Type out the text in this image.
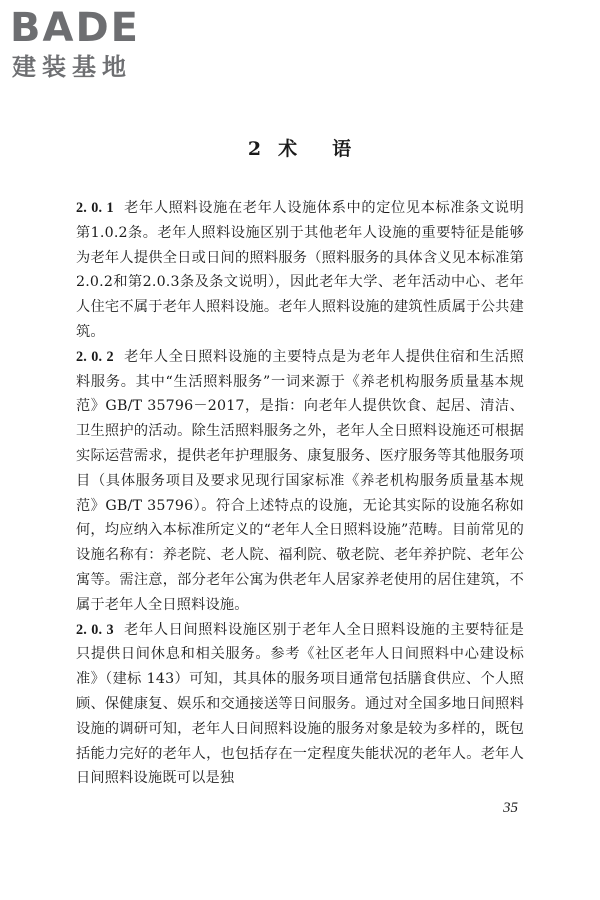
BADE
建装基地
2 术 语

2. 0. 1 老年人照料设施在老年人设施体系中的定位见本标准条文说明第1.0.2条。老年人照料设施区别于其他老年人设施的重要特征是能够为老年人提供全日或日间的照料服务（照料服务的具体含义见本标准第2.0.2和第2.0.3条及条文说明），因此老年大学、老年活动中心、老年人住宅不属于老年人照料设施。老年人照料设施的建筑性质属于公共建筑。

2. 0. 2 老年人全日照料设施的主要特点是为老年人提供住宿和生活照料服务。其中“生活照料服务”一词来源于《养老机构服务质量基本规范》GB/T 35796－2017，是指：向老年人提供饮食、起居、清洁、卫生照护的活动。除生活照料服务之外，老年人全日照料设施还可根据实际运营需求，提供老年护理服务、康复服务、医疗服务等其他服务项目（具体服务项目及要求见现行国家标准《养老机构服务质量基本规范》GB/T 35796）。符合上述特点的设施，无论其实际的设施名称如何，均应纳入本标准所定义的“老年人全日照料设施”范畴。目前常见的设施名称有：养老院、老人院、福利院、敬老院、老年养护院、老年公寓等。需注意，部分老年公寓为供老年人居家养老使用的居住建筑，不属于老年人全日照料设施。

2. 0. 3 老年人日间照料设施区别于老年人全日照料设施的主要特征是只提供日间休息和相关服务。参考《社区老年人日间照料中心建设标准》（建标 143）可知，其具体的服务项目通常包括膳食供应、个人照顾、保健康复、娱乐和交通接送等日间服务。通过对全国多地日间照料设施的调研可知，老年人日间照料设施的服务对象是较为多样的，既包括能力完好的老年人，也包括存在一定程度失能状况的老年人。老年人日间照料设施既可以是独

35
